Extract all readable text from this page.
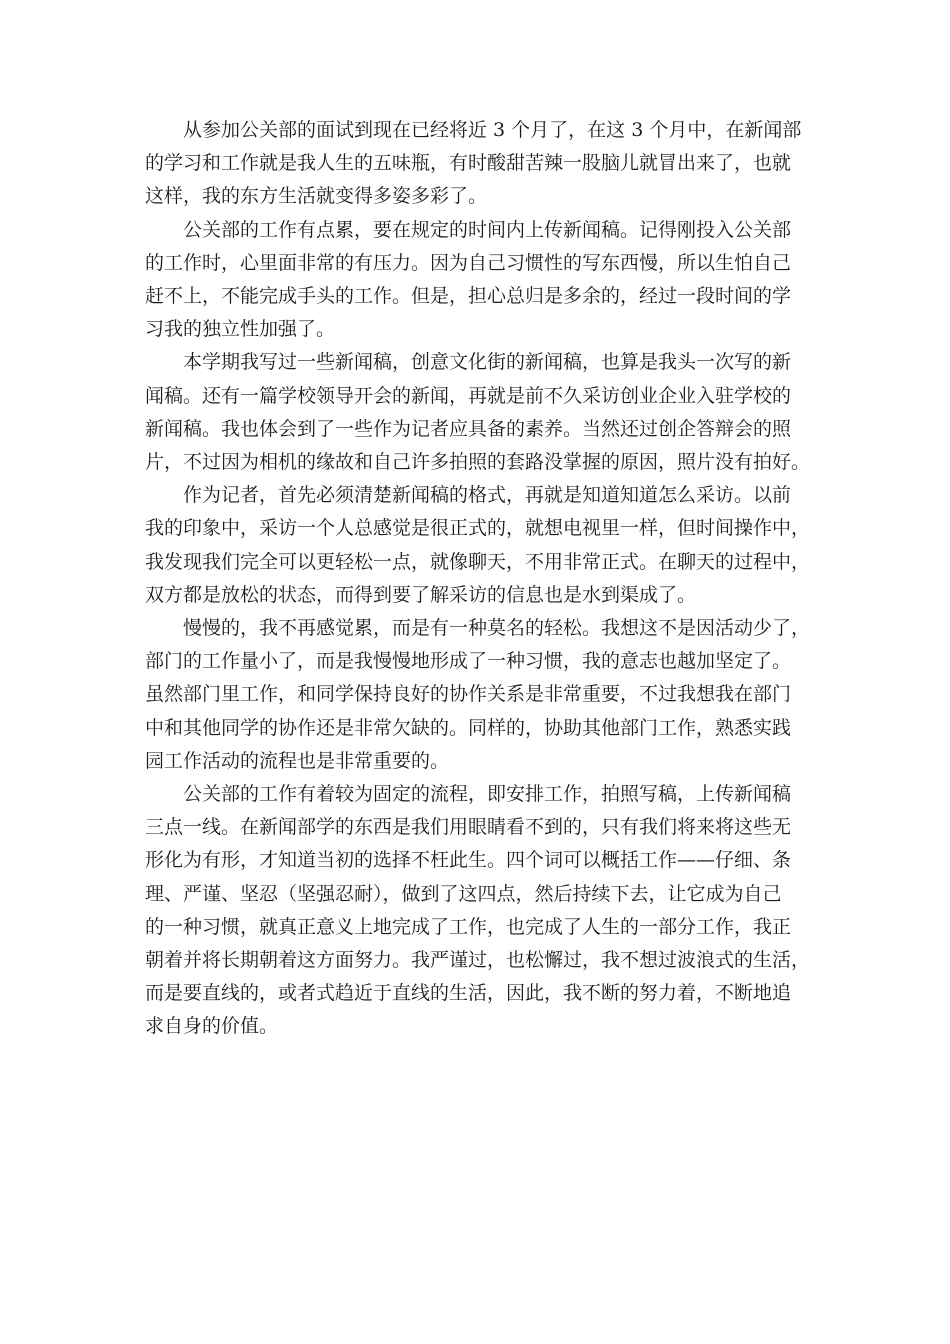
从参加公关部的面试到现在已经将近 3 个月了，在这 3 个月中，在新闻部
的学习和工作就是我人生的五味瓶，有时酸甜苦辣一股脑儿就冒出来了，也就
这样，我的东方生活就变得多姿多彩了。

公关部的工作有点累，要在规定的时间内上传新闻稿。记得刚投入公关部
的工作时，心里面非常的有压力。因为自己习惯性的写东西慢，所以生怕自己
赶不上，不能完成手头的工作。但是，担心总归是多余的，经过一段时间的学
习我的独立性加强了。

本学期我写过一些新闻稿，创意文化街的新闻稿，也算是我头一次写的新
闻稿。还有一篇学校领导开会的新闻，再就是前不久采访创业企业入驻学校的
新闻稿。我也体会到了一些作为记者应具备的素养。当然还过创企答辩会的照
片，不过因为相机的缘故和自己许多拍照的套路没掌握的原因，照片没有拍好。

作为记者，首先必须清楚新闻稿的格式，再就是知道知道怎么采访。以前
我的印象中，采访一个人总感觉是很正式的，就想电视里一样，但时间操作中，
我发现我们完全可以更轻松一点，就像聊天，不用非常正式。在聊天的过程中，
双方都是放松的状态，而得到要了解采访的信息也是水到渠成了。

慢慢的，我不再感觉累，而是有一种莫名的轻松。我想这不是因活动少了，
部门的工作量小了，而是我慢慢地形成了一种习惯，我的意志也越加坚定了。
虽然部门里工作，和同学保持良好的协作关系是非常重要，不过我想我在部门
中和其他同学的协作还是非常欠缺的。同样的，协助其他部门工作，熟悉实践
园工作活动的流程也是非常重要的。

公关部的工作有着较为固定的流程，即安排工作，拍照写稿，上传新闻稿
三点一线。在新闻部学的东西是我们用眼睛看不到的，只有我们将来将这些无
形化为有形，才知道当初的选择不枉此生。四个词可以概括工作——仔细、条
理、严谨、坚忍（坚强忍耐），做到了这四点，然后持续下去，让它成为自己
的一种习惯，就真正意义上地完成了工作，也完成了人生的一部分工作，我正
朝着并将长期朝着这方面努力。我严谨过，也松懈过，我不想过波浪式的生活，
而是要直线的，或者式趋近于直线的生活，因此，我不断的努力着，不断地追
求自身的价值。
